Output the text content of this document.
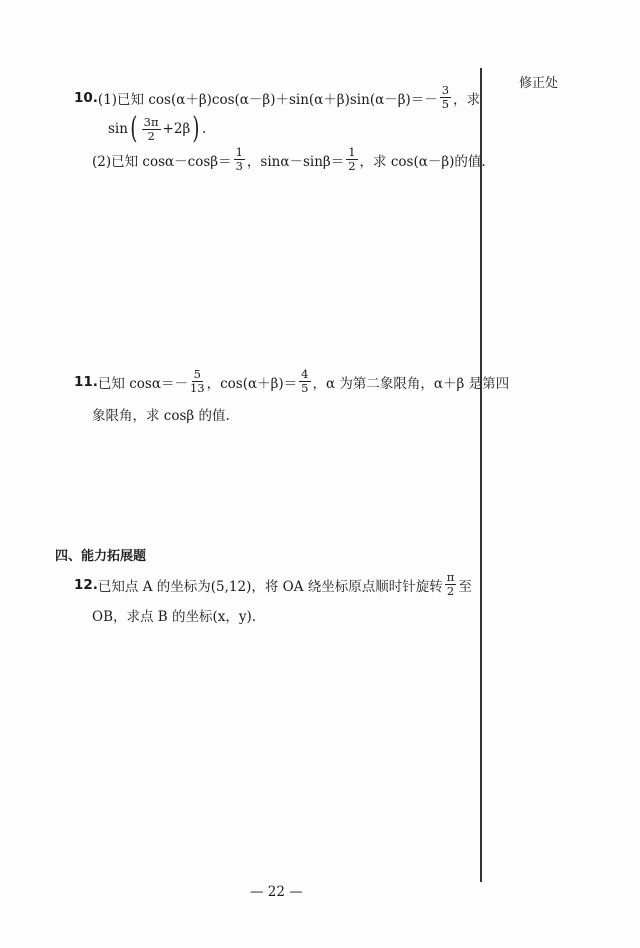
修正处
10. (1)已知 $\cos(\alpha+\beta)\cos(\alpha-\beta)+\sin(\alpha+\beta)\sin(\alpha-\beta)=- \frac{3}{5}$ ，求
sin ( $\frac{3\pi}{2} +2\beta$ ) .
(2)已知 $\cos\alpha-\cos\beta= \frac{1}{3}$ ，$\sin\alpha-\sin\beta= \frac{1}{2}$ ，求 cos(α－β)的值.
11. 已知 $\cos\alpha=- \frac{5}{13}$ ，$\cos(\alpha+\beta)= \frac{4}{5}$ ，α 为第二象限角，α＋β 是第四
象限角，求 cosβ 的值.
四、能力拓展题
12. 已知点 A 的坐标为(5,12)，将 OA 绕坐标原点顺时针旋转 $\frac{\pi}{2}$ 至
OB，求点 B 的坐标(x，y).
— 22 —
